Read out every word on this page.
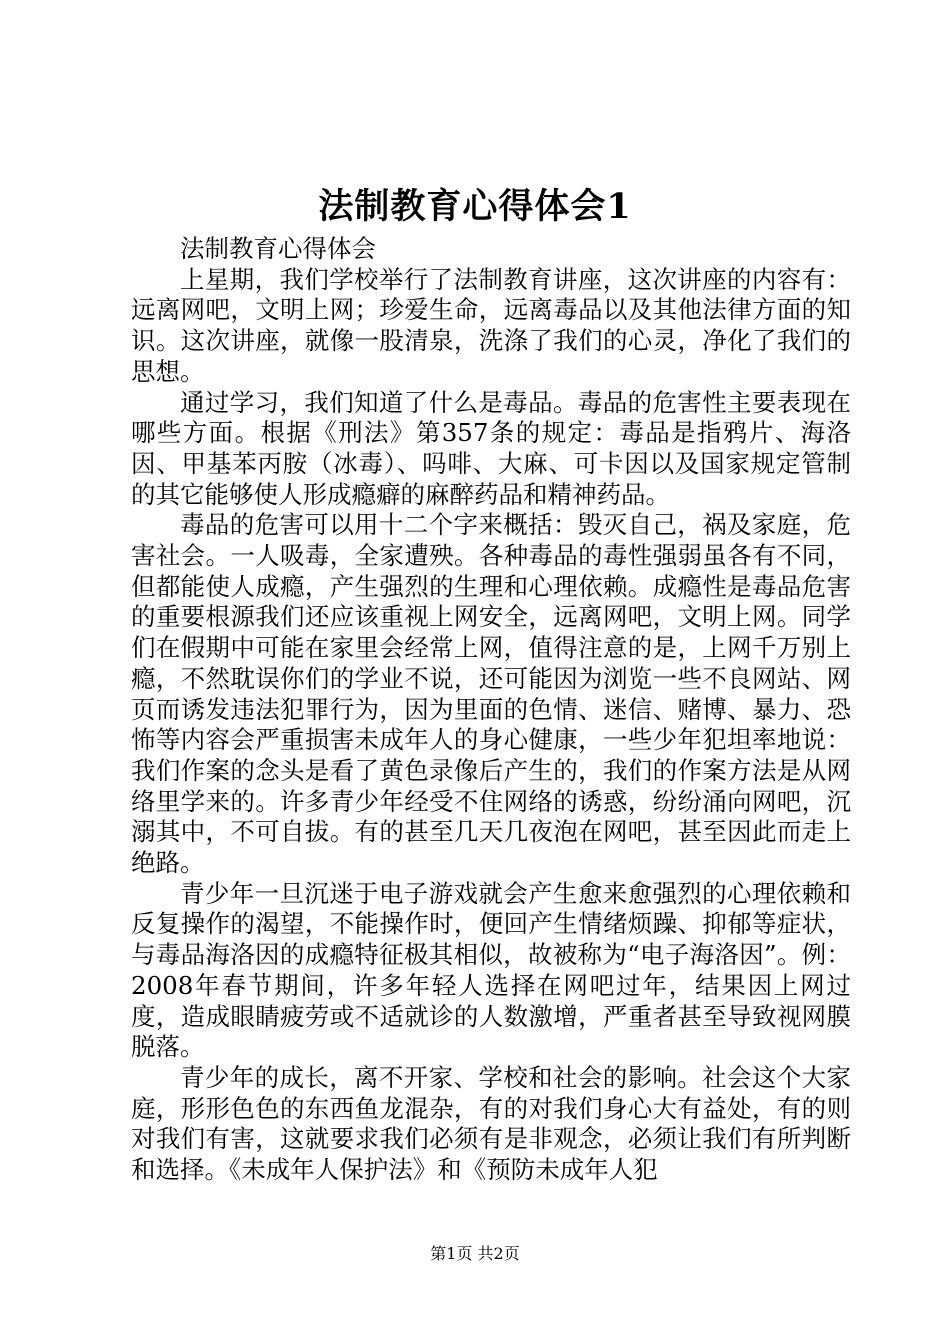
法制教育心得体会1

法制教育心得体会

上星期，我们学校举行了法制教育讲座，这次讲座的内容有：远离网吧，文明上网；珍爱生命，远离毒品以及其他法律方面的知识。这次讲座，就像一股清泉，洗涤了我们的心灵，净化了我们的思想。

通过学习，我们知道了什么是毒品。毒品的危害性主要表现在哪些方面。根据《刑法》第357条的规定：毒品是指鸦片、海洛因、甲基苯丙胺（冰毒）、吗啡、大麻、可卡因以及国家规定管制的其它能够使人形成瘾癖的麻醉药品和精神药品。

毒品的危害可以用十二个字来概括：毁灭自己，祸及家庭，危害社会。一人吸毒，全家遭殃。各种毒品的毒性强弱虽各有不同，但都能使人成瘾，产生强烈的生理和心理依赖。成瘾性是毒品危害的重要根源我们还应该重视上网安全，远离网吧，文明上网。同学们在假期中可能在家里会经常上网，值得注意的是，上网千万别上瘾，不然耽误你们的学业不说，还可能因为浏览一些不良网站、网页而诱发违法犯罪行为，因为里面的色情、迷信、赌博、暴力、恐怖等内容会严重损害未成年人的身心健康，一些少年犯坦率地说：我们作案的念头是看了黄色录像后产生的，我们的作案方法是从网络里学来的。许多青少年经受不住网络的诱惑，纷纷涌向网吧，沉溺其中，不可自拔。有的甚至几天几夜泡在网吧，甚至因此而走上绝路。

青少年一旦沉迷于电子游戏就会产生愈来愈强烈的心理依赖和反复操作的渴望，不能操作时，便回产生情绪烦躁、抑郁等症状，与毒品海洛因的成瘾特征极其相似，故被称为“电子海洛因”。例：2008年春节期间，许多年轻人选择在网吧过年，结果因上网过度，造成眼睛疲劳或不适就诊的人数激增，严重者甚至导致视网膜脱落。

青少年的成长，离不开家、学校和社会的影响。社会这个大家庭，形形色色的东西鱼龙混杂，有的对我们身心大有益处，有的则对我们有害，这就要求我们必须有是非观念，必须让我们有所判断和选择。《未成年人保护法》和《预防未成年人犯

第1页 共2页
